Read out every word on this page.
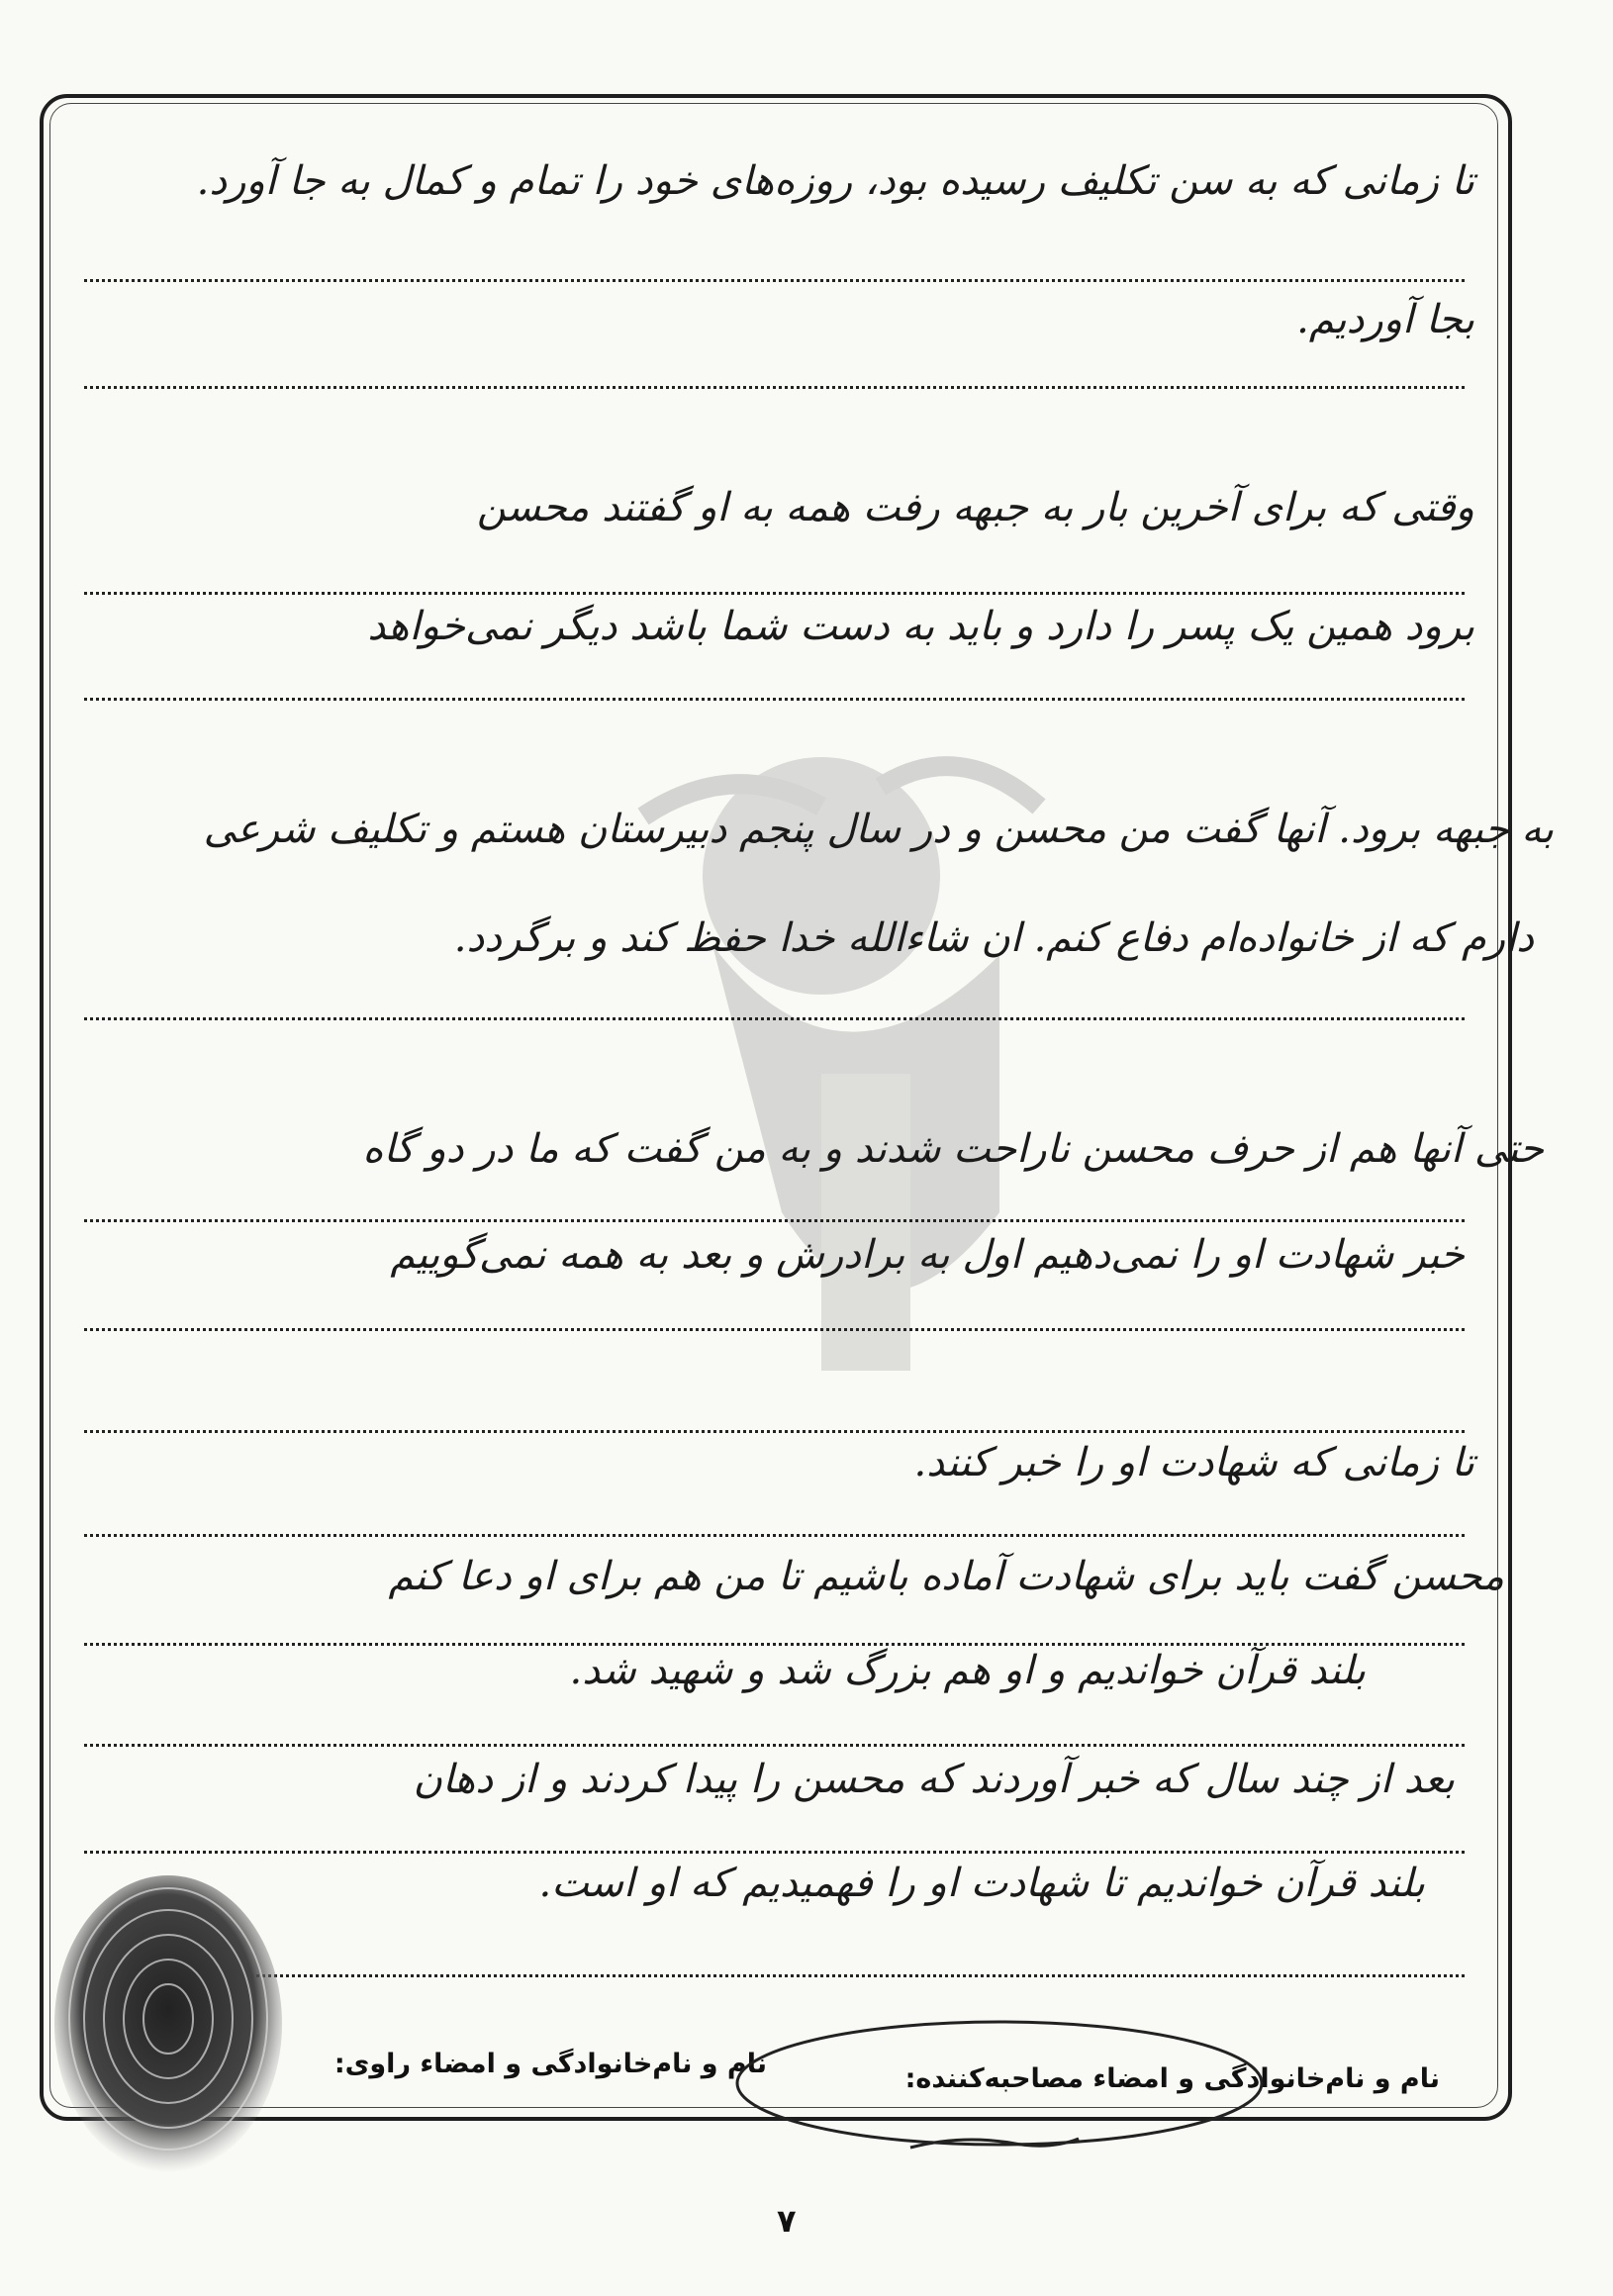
تا زمانی که به سن تکلیف رسیده بود، روزه‌های خود را تمام و کمال به جا آورد.
بجا آوردیم.
وقتی که برای آخرین بار به جبهه رفت همه به او گفتند محسن
برود همین یک پسر را دارد و باید به دست شما باشد دیگر نمی‌خواهد
به جبهه برود. آنها گفت من محسن و در سال پنجم دبیرستان هستم و تکلیف شرعی
دارم که از خانواده‌ام دفاع کنم. ان شاءالله خدا حفظ کند و برگردد.
حتی آنها هم از حرف محسن ناراحت شدند و به من گفت که ما در دو گاه
خبر شهادت او را نمی‌دهیم اول به برادرش و بعد به همه نمی‌گوییم
تا زمانی که شهادت او را خبر کنند.
محسن گفت باید برای شهادت آماده باشیم تا من هم برای او دعا کنم
بلند قرآن خواندیم و او هم بزرگ شد و شهید شد.
بعد از چند سال که خبر آوردند که محسن را پیدا کردند و از دهان
بلند قرآن خواندیم تا شهادت او را فهمیدیم که او است.
نام و نام‌خانوادگی و امضاء مصاحبه‌کننده:
نام و نام‌خانوادگی و امضاء راوی:
۷
